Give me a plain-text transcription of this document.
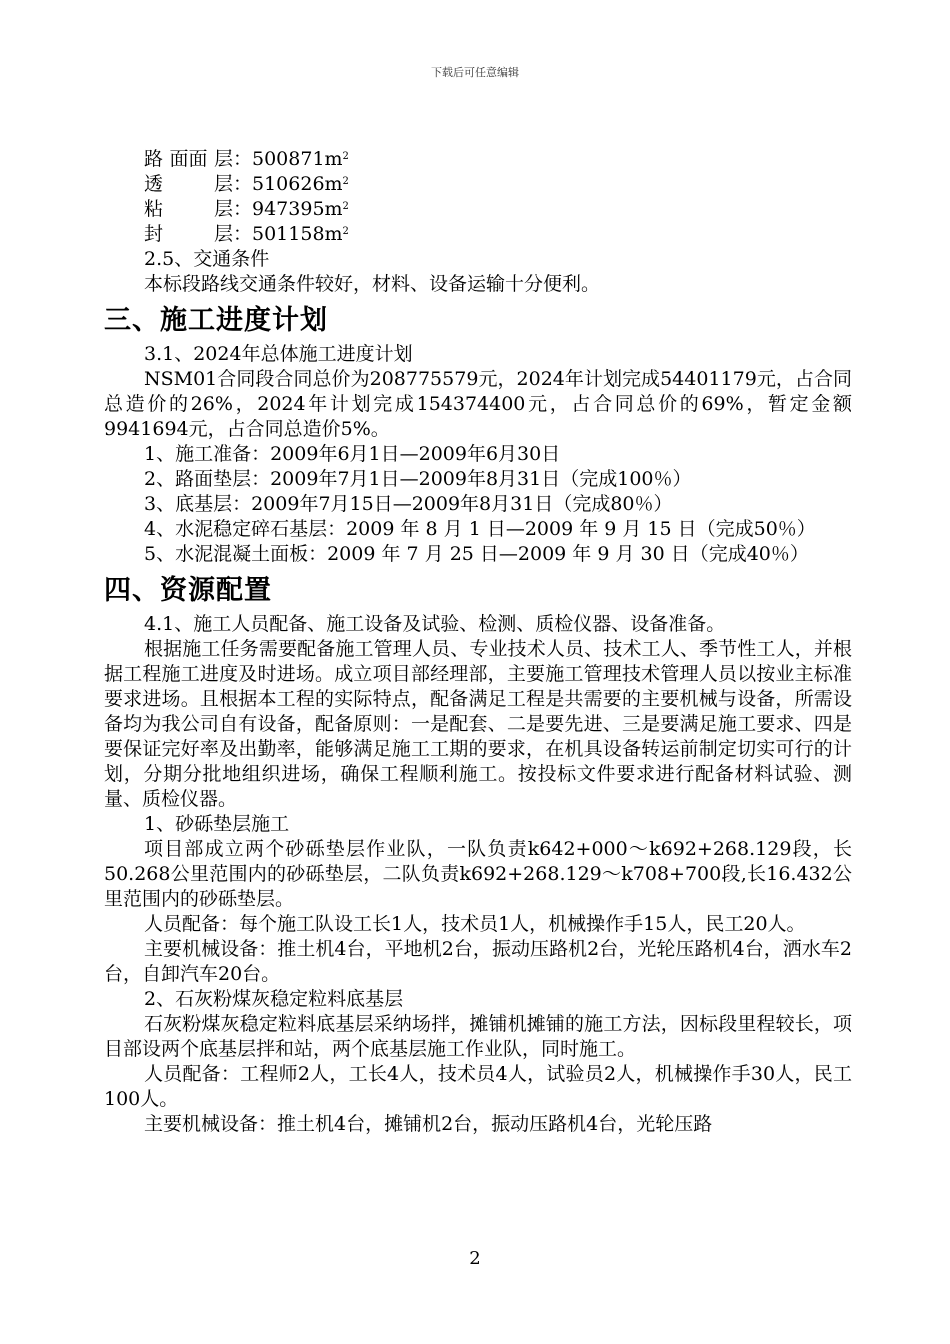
下载后可任意编辑
路 面面 层： $500871m^2$
透	层： $510626m^2$
粘	层： $947395m^2$
封	层： $501158m^2$

2.5、交通条件

本标段路线交通条件较好，材料、设备运输十分便利。

三、施工进度计划

3.1、2024年总体施工进度计划

NSM01合同段合同总价为208775579元，2024年计划完成54401179元，占合同总造价的26%，2024年计划完成154374400元，占合同总价的69%，暂定金额9941694元，占合同总造价5%。

1、施工准备：2009年6月1日—2009年6月30日

2、路面垫层：2009年7月1日—2009年8月31日（完成100％）

3、底基层：2009年7月15日—2009年8月31日（完成80％）

4、水泥稳定碎石基层：2009 年 8 月 1 日—2009 年 9 月 15 日（完成50％）

5、水泥混凝土面板：2009 年 7 月 25 日—2009 年 9 月 30 日（完成40％）

四、资源配置

4.1、施工人员配备、施工设备及试验、检测、质检仪器、设备准备。

根据施工任务需要配备施工管理人员、专业技术人员、技术工人、季节性工人，并根据工程施工进度及时进场。成立项目部经理部，主要施工管理技术管理人员以按业主标准要求进场。且根据本工程的实际特点，配备满足工程是共需要的主要机械与设备，所需设备均为我公司自有设备，配备原则：一是配套、二是要先进、三是要满足施工要求、四是要保证完好率及出勤率，能够满足施工工期的要求，在机具设备转运前制定切实可行的计划，分期分批地组织进场，确保工程顺利施工。按投标文件要求进行配备材料试验、测量、质检仪器。

1、砂砾垫层施工

项目部成立两个砂砾垫层作业队，一队负责k642+000～k692+268.129段，长50.268公里范围内的砂砾垫层，二队负责k692+268.129～k708+700段,长16.432公里范围内的砂砾垫层。

人员配备：每个施工队设工长1人，技术员1人，机械操作手15人，民工20人。

主要机械设备：推土机4台，平地机2台，振动压路机2台，光轮压路机4台，洒水车2台，自卸汽车20台。

2、石灰粉煤灰稳定粒料底基层

石灰粉煤灰稳定粒料底基层采纳场拌，摊铺机摊铺的施工方法，因标段里程较长，项目部设两个底基层拌和站，两个底基层施工作业队，同时施工。

人员配备：工程师2人，工长4人，技术员4人，试验员2人，机械操作手30人，民工100人。

主要机械设备：推土机4台，摊铺机2台，振动压路机4台，光轮压路

2
